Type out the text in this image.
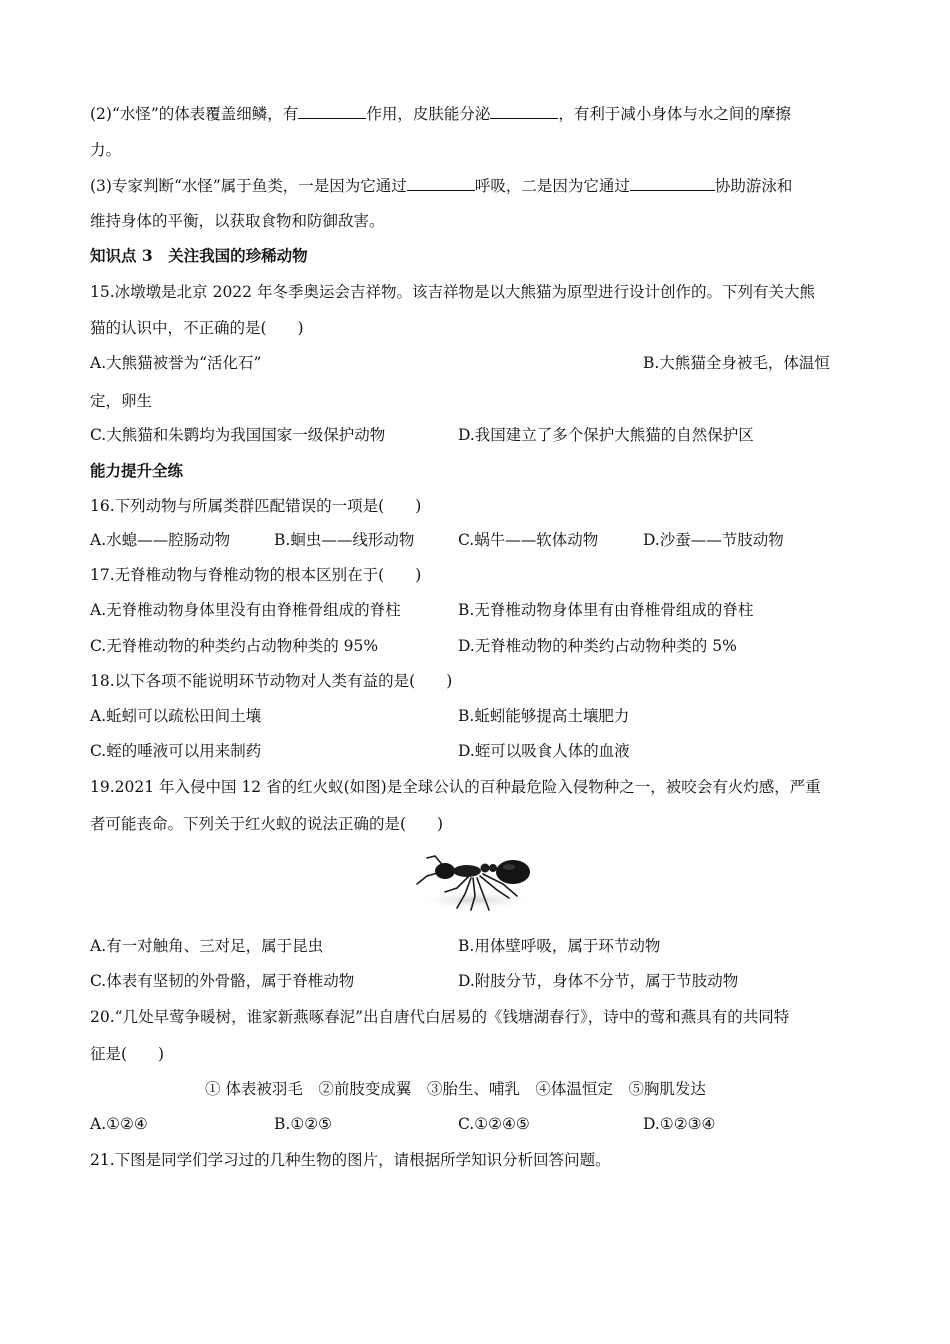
(2)“水怪”的体表覆盖细鳞，有	作用，皮肤能分泌	，有利于减小身体与水之间的摩擦
力。
(3)专家判断“水怪”属于鱼类，一是因为它通过	呼吸，二是因为它通过	协助游泳和
维持身体的平衡，以获取食物和防御敌害。
知识点 3　关注我国的珍稀动物
15.冰墩墩是北京 2022 年冬季奥运会吉祥物。该吉祥物是以大熊猫为原型进行设计创作的。下列有关大熊
猫的认识中，不正确的是(　　)
A.大熊猫被誉为“活化石”	B.大熊猫全身被毛，体温恒
定，卵生
C.大熊猫和朱鹮均为我国国家一级保护动物	D.我国建立了多个保护大熊猫的自然保护区
能力提升全练
16.下列动物与所属类群匹配错误的一项是(　　)
A.水螅——腔肠动物	B.蛔虫——线形动物	C.蜗牛——软体动物	D.沙蚕——节肢动物
17.无脊椎动物与脊椎动物的根本区别在于(　　)
A.无脊椎动物身体里没有由脊椎骨组成的脊柱	B.无脊椎动物身体里有由脊椎骨组成的脊柱
C.无脊椎动物的种类约占动物种类的 95%	D.无脊椎动物的种类约占动物种类的 5%
18.以下各项不能说明环节动物对人类有益的是(　　)
A.蚯蚓可以疏松田间土壤	B.蚯蚓能够提高土壤肥力
C.蛭的唾液可以用来制药	D.蛭可以吸食人体的血液
19.2021 年入侵中国 12 省的红火蚁(如图)是全球公认的百种最危险入侵物种之一，被咬会有火灼感，严重
者可能丧命。下列关于红火蚁的说法正确的是(　　)
A.有一对触角、三对足，属于昆虫	B.用体壁呼吸，属于环节动物
C.体表有坚韧的外骨骼，属于脊椎动物	D.附肢分节，身体不分节，属于节肢动物
20.“几处早莺争暖树，谁家新燕啄春泥”出自唐代白居易的《钱塘湖春行》，诗中的莺和燕具有的共同特
征是(　　)
① 体表被羽毛　②前肢变成翼　③胎生、哺乳　④体温恒定　⑤胸肌发达
A.①②④	B.①②⑤	C.①②④⑤	D.①②③④
21.下图是同学们学习过的几种生物的图片，请根据所学知识分析回答问题。
